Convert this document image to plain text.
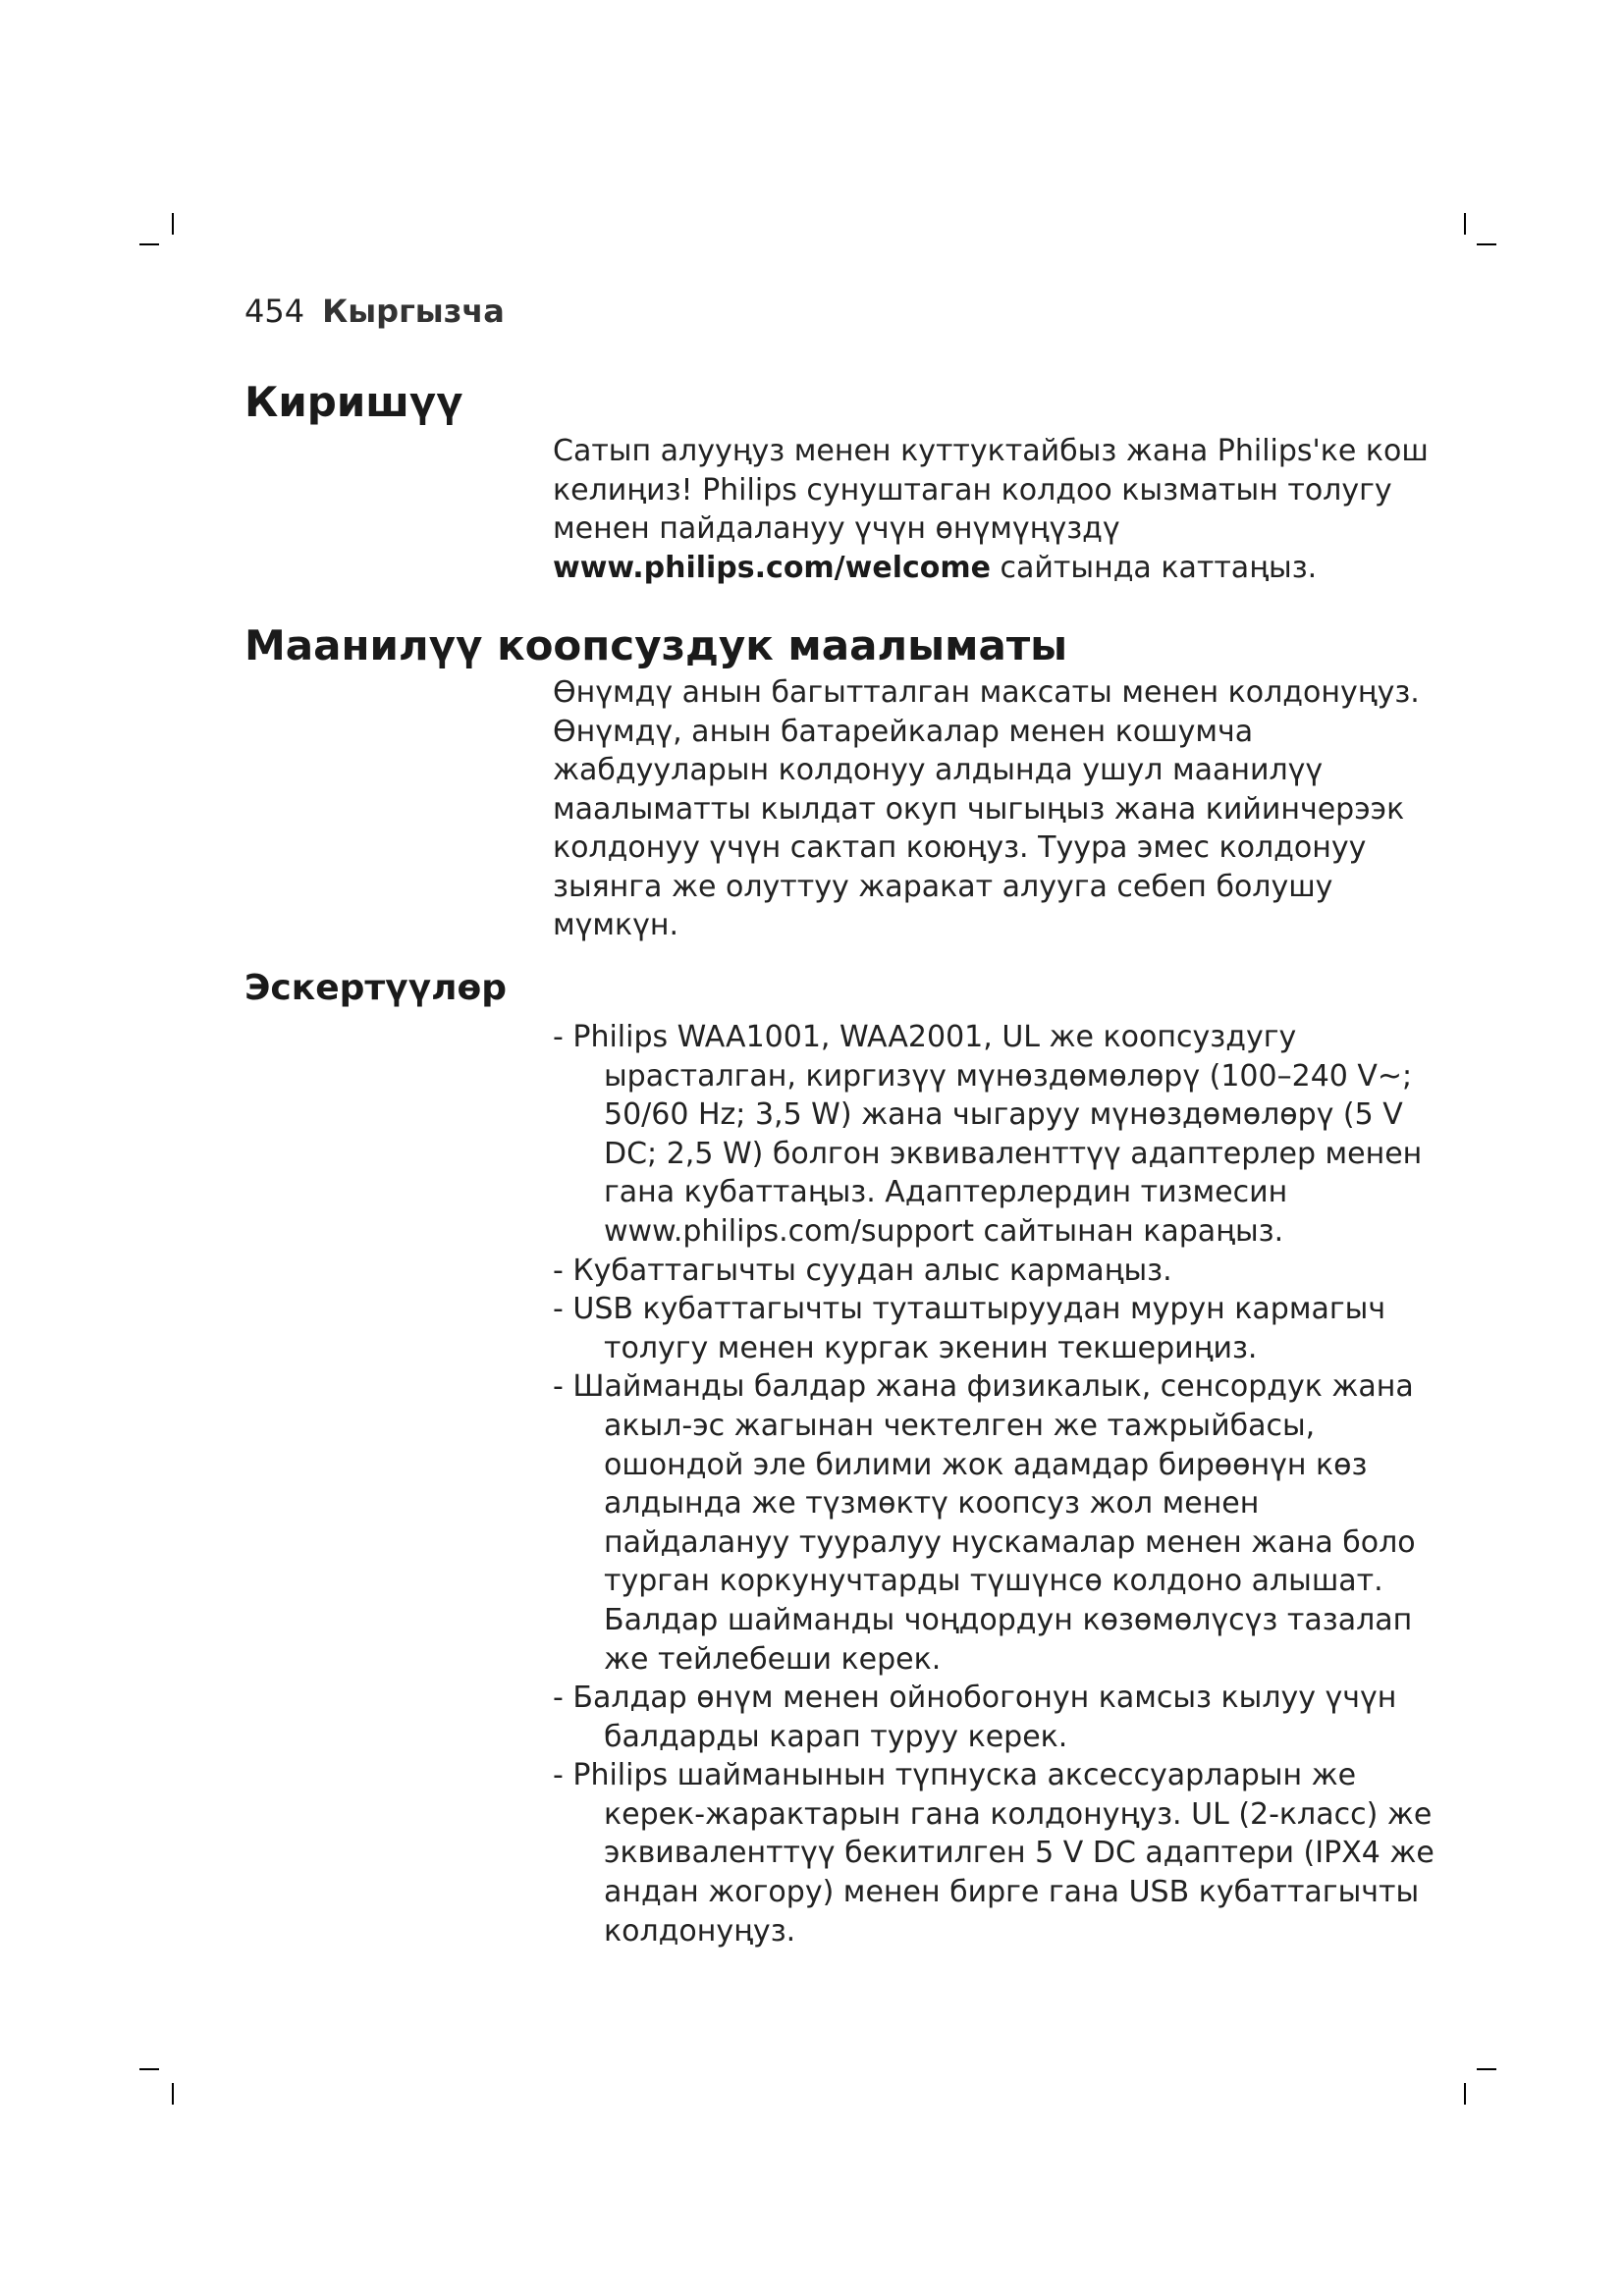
454 Кыргызча
Киришүү

Сатып алууңуз менен куттуктайбыз жана Philips'ке кош келиңиз! Philips сунуштаган колдоо кызматын толугу менен пайдалануу үчүн өнүмүңүздү www.philips.com/welcome сайтында каттаңыз.

Маанилүү коопсуздук маалыматы

Өнүмдү анын багытталган максаты менен колдонуңуз. Өнүмдү, анын батарейкалар менен кошумча жабдууларын колдонуу алдында ушул маанилүү маалыматты кылдат окуп чыгыңыз жана кийинчерээк колдонуу үчүн сактап коюңуз. Туура эмес колдонуу зыянга же олуттуу жаракат алууга себеп болушу мүмкүн.

Эскертүүлөр
- Philips WAA1001, WAA2001, UL же коопсуздугу ырасталган, киргизүү мүнөздөмөлөрү (100–240 V~; 50/60 Hz; 3,5 W) жана чыгаруу мүнөздөмөлөрү (5 V DC; 2,5 W) болгон эквиваленттүү адаптерлер менен гана кубаттаңыз. Адаптерлердин тизмесин www.philips.com/support сайтынан караңыз.
- Кубаттагычты суудан алыс кармаңыз.
- USB кубаттагычты туташтыруудан мурун кармагыч толугу менен кургак экенин текшериңиз.
- Шайманды балдар жана физикалык, сенсордук жана акыл-эс жагынан чектелген же тажрыйбасы, ошондой эле билими жок адамдар бирөөнүн көз алдында же түзмөктү коопсуз жол менен пайдалануу тууралуу нускамалар менен жана боло турган коркунучтарды түшүнсө колдоно алышат. Балдар шайманды чоңдордун көзөмөлүсүз тазалап же тейлебеши керек.
- Балдар өнүм менен ойнобогонун камсыз кылуу үчүн балдарды карап туруу керек.
- Philips шайманынын түпнуска аксессуарларын же керек-жарактарын гана колдонуңуз. UL (2-класс) же эквиваленттүү бекитилген 5 V DC адаптери (IPX4 же андан жогору) менен бирге гана USB кубаттагычты колдонуңуз.
